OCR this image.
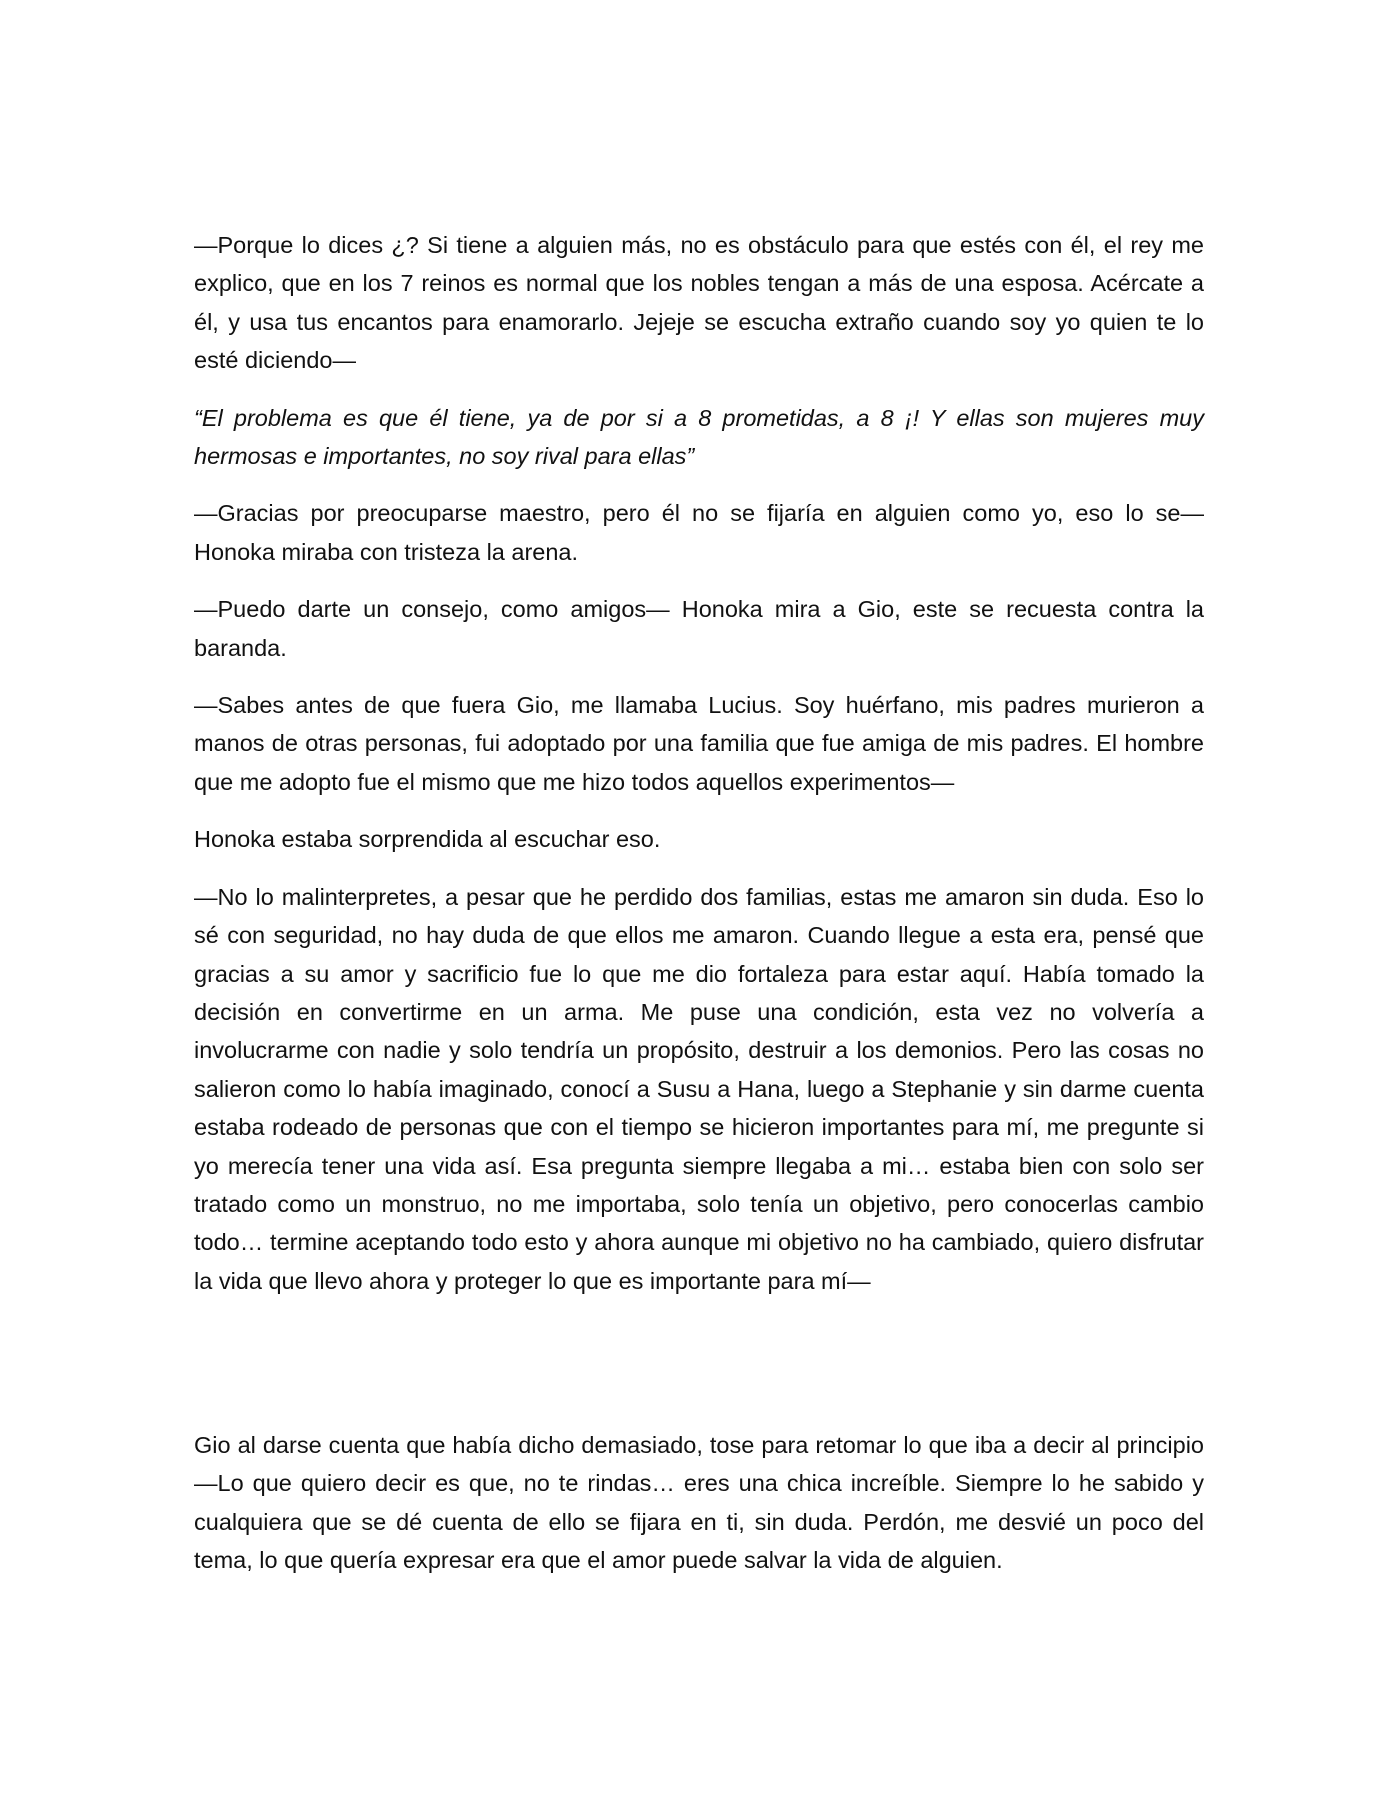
—Porque lo dices ¿? Si tiene a alguien más, no es obstáculo para que estés con él, el rey me explico, que en los 7 reinos es normal que los nobles tengan a más de una esposa. Acércate a él, y usa tus encantos para enamorarlo. Jejeje se escucha extraño cuando soy yo quien te lo esté diciendo—

“El problema es que él tiene, ya de por si a 8 prometidas, a 8 ¡! Y ellas son mujeres muy hermosas e importantes, no soy rival para ellas”

—Gracias por preocuparse maestro, pero él no se fijaría en alguien como yo, eso lo se— Honoka miraba con tristeza la arena.

—Puedo darte un consejo, como amigos— Honoka mira a Gio, este se recuesta contra la baranda.

—Sabes antes de que fuera Gio, me llamaba Lucius. Soy huérfano, mis padres murieron a manos de otras personas, fui adoptado por una familia que fue amiga de mis padres. El hombre que me adopto fue el mismo que me hizo todos aquellos experimentos—

Honoka estaba sorprendida al escuchar eso.

—No lo malinterpretes, a pesar que he perdido dos familias, estas me amaron sin duda. Eso lo sé con seguridad, no hay duda de que ellos me amaron. Cuando llegue a esta era, pensé que gracias a su amor y sacrificio fue lo que me dio fortaleza para estar aquí. Había tomado la decisión en convertirme en un arma. Me puse una condición, esta vez no volvería a involucrarme con nadie y solo tendría un propósito, destruir a los demonios. Pero las cosas no salieron como lo había imaginado, conocí a Susu a Hana, luego a Stephanie y sin darme cuenta estaba rodeado de personas que con el tiempo se hicieron importantes para mí, me pregunte si yo merecía tener una vida así. Esa pregunta siempre llegaba a mi… estaba bien con solo ser tratado como un monstruo, no me importaba, solo tenía un objetivo, pero conocerlas cambio todo… termine aceptando todo esto y ahora aunque mi objetivo no ha cambiado, quiero disfrutar la vida que llevo ahora y proteger lo que es importante para mí—

Gio al darse cuenta que había dicho demasiado, tose para retomar lo que iba a decir al principio —Lo que quiero decir es que, no te rindas… eres una chica increíble. Siempre lo he sabido y cualquiera que se dé cuenta de ello se fijara en ti, sin duda. Perdón, me desvié un poco del tema, lo que quería expresar era que el amor puede salvar la vida de alguien.
